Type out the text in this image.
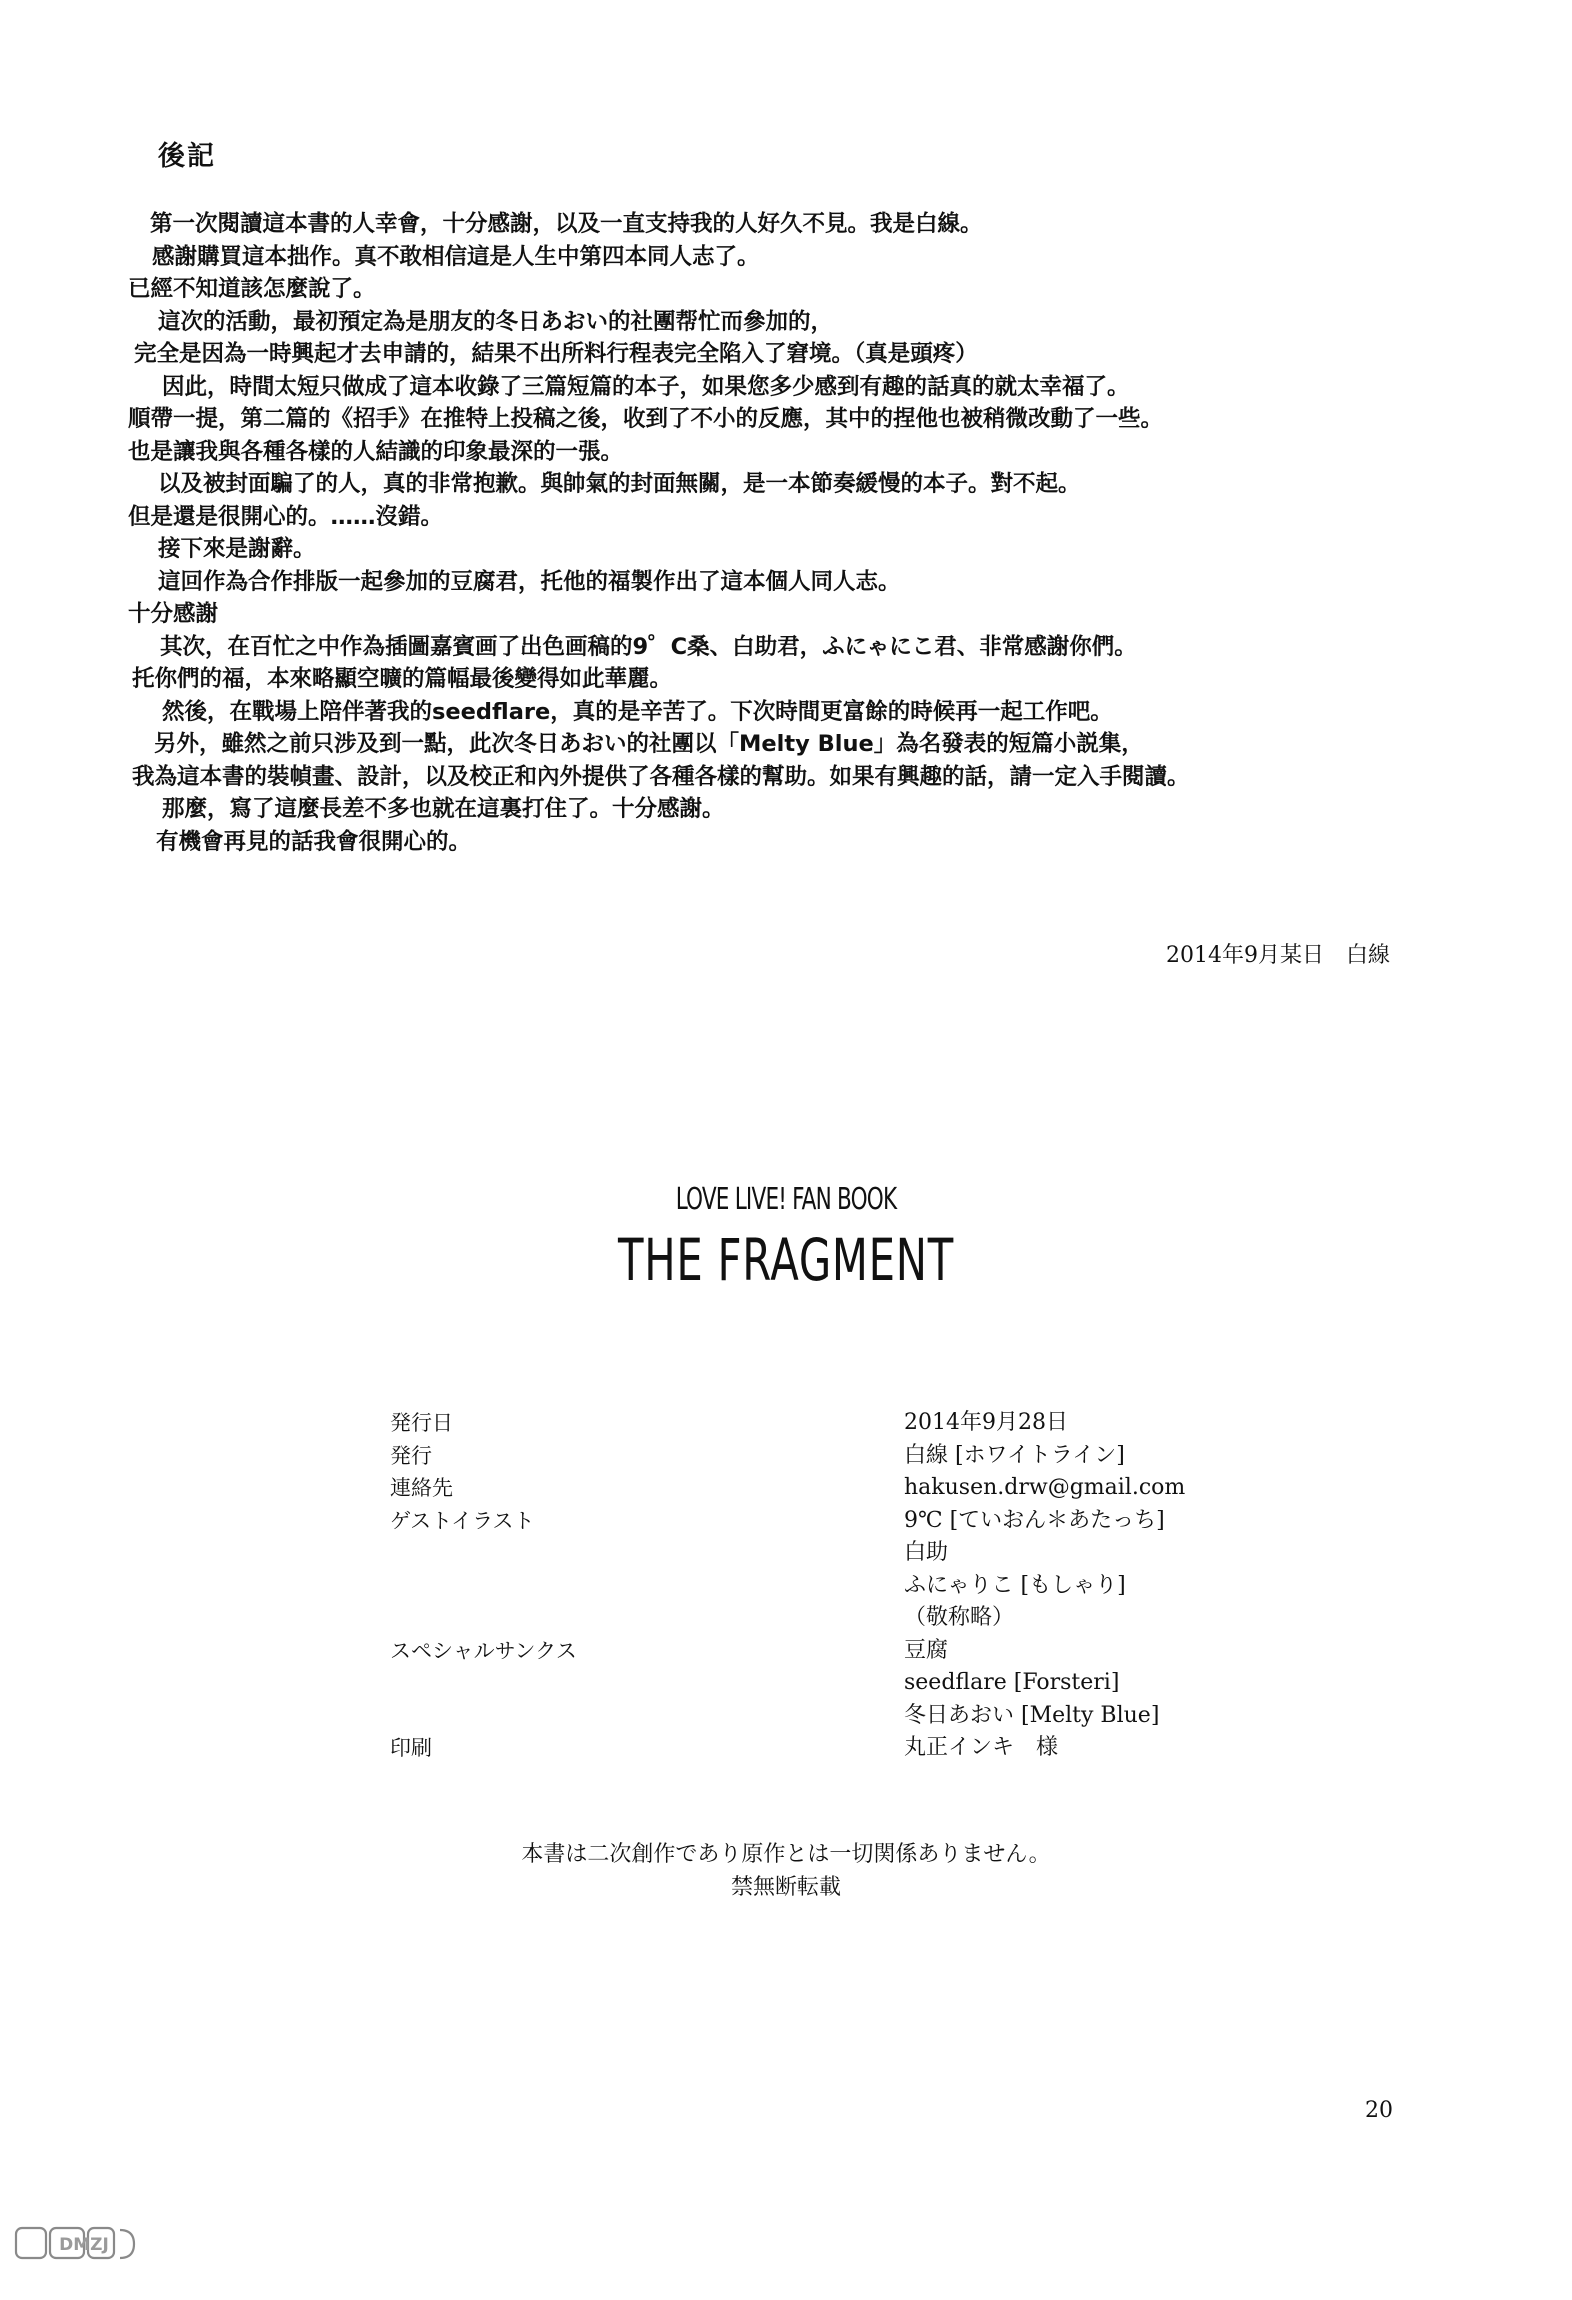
後記
第一次閱讀這本書的人幸會，十分感謝，以及一直支持我的人好久不見。我是白線。
感謝購買這本拙作。真不敢相信這是人生中第四本同人志了。
已經不知道該怎麼說了。
這次的活動，最初預定為是朋友的冬日あおい的社團帮忙而參加的，
完全是因為一時興起才去申請的，結果不出所料行程表完全陷入了窘境。（真是頭疼）
因此，時間太短只做成了這本收錄了三篇短篇的本子，如果您多少感到有趣的話真的就太幸福了。
順帶一提，第二篇的《招手》在推特上投稿之後，收到了不小的反應，其中的捏他也被稍微改動了一些。
也是讓我與各種各樣的人結識的印象最深的一張。
以及被封面騙了的人，真的非常抱歉。與帥氣的封面無關，是一本節奏緩慢的本子。對不起。
但是還是很開心的。……沒錯。
接下來是謝辭。
這回作為合作排版一起參加的豆腐君，托他的福製作出了這本個人同人志。
十分感謝
其次，在百忙之中作為插圖嘉賓画了出色画稿的9゜C桑、白助君，ふにゃにこ君、非常感謝你們。
托你們的福，本來略顯空曠的篇幅最後變得如此華麗。
然後，在戰場上陪伴著我的seedflare，真的是辛苦了。下次時間更富餘的時候再一起工作吧。
另外，雖然之前只涉及到一點，此次冬日あおい的社團以「Melty Blue」為名發表的短篇小説集，
我為這本書的裝幀畫、設計，以及校正和內外提供了各種各樣的幫助。如果有興趣的話，請一定入手閱讀。
那麼，寫了這麼長差不多也就在這裏打住了。十分感謝。
有機會再見的話我會很開心的。
2014年9月某日　白線
LOVE LIVE! FAN BOOK
THE FRAGMENT
発行日	2014年9月28日
発行	白線 [ホワイトライン]
連絡先	hakusen.drw@gmail.com
ゲストイラスト	9℃ [ていおん＊あたっち]
白助
ふにゃりこ [もしゃり]
（敬称略）
スペシャルサンクス	豆腐
seedflare [Forsteri]
冬日あおい [Melty Blue]
印刷	丸正インキ　様
本書は二次創作であり原作とは一切関係ありません。
禁無断転載
20
DMZJ
